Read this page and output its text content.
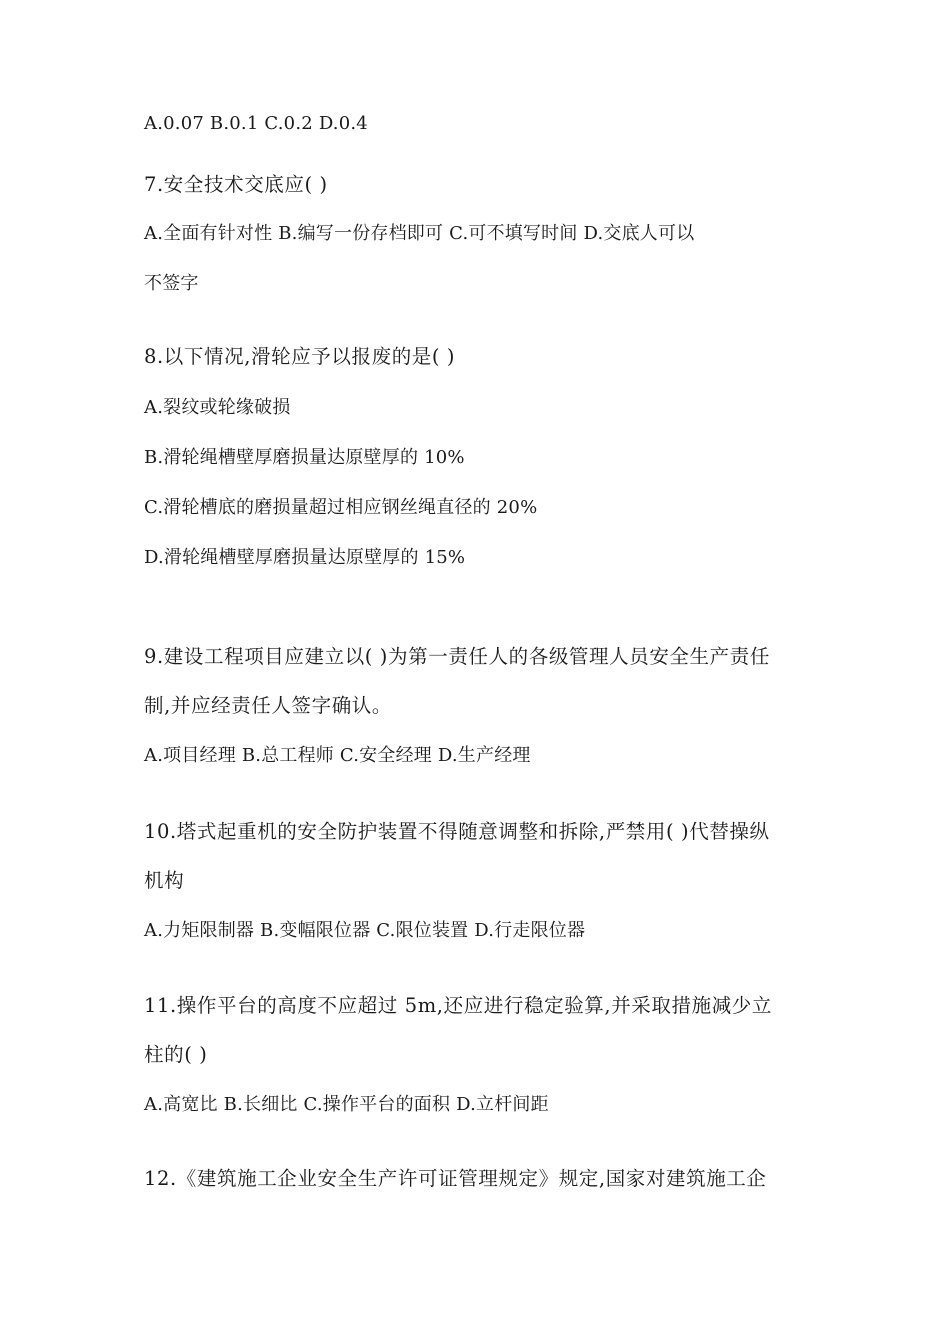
A.0.07 B.0.1 C.0.2 D.0.4
7.安全技术交底应( )
A.全面有针对性 B.编写一份存档即可 C.可不填写时间 D.交底人可以
不签字
8.以下情况,滑轮应予以报废的是( )
A.裂纹或轮缘破损
B.滑轮绳槽壁厚磨损量达原壁厚的 10%
C.滑轮槽底的磨损量超过相应钢丝绳直径的 20%
D.滑轮绳槽壁厚磨损量达原壁厚的 15%
9.建设工程项目应建立以( )为第一责任人的各级管理人员安全生产责任
制,并应经责任人签字确认。
A.项目经理 B.总工程师 C.安全经理 D.生产经理
10.塔式起重机的安全防护装置不得随意调整和拆除,严禁用( )代替操纵
机构
A.力矩限制器 B.变幅限位器 C.限位装置 D.行走限位器
11.操作平台的高度不应超过 5m,还应进行稳定验算,并采取措施减少立
柱的( )
A.高宽比 B.长细比 C.操作平台的面积 D.立杆间距
12.《建筑施工企业安全生产许可证管理规定》规定,国家对建筑施工企
